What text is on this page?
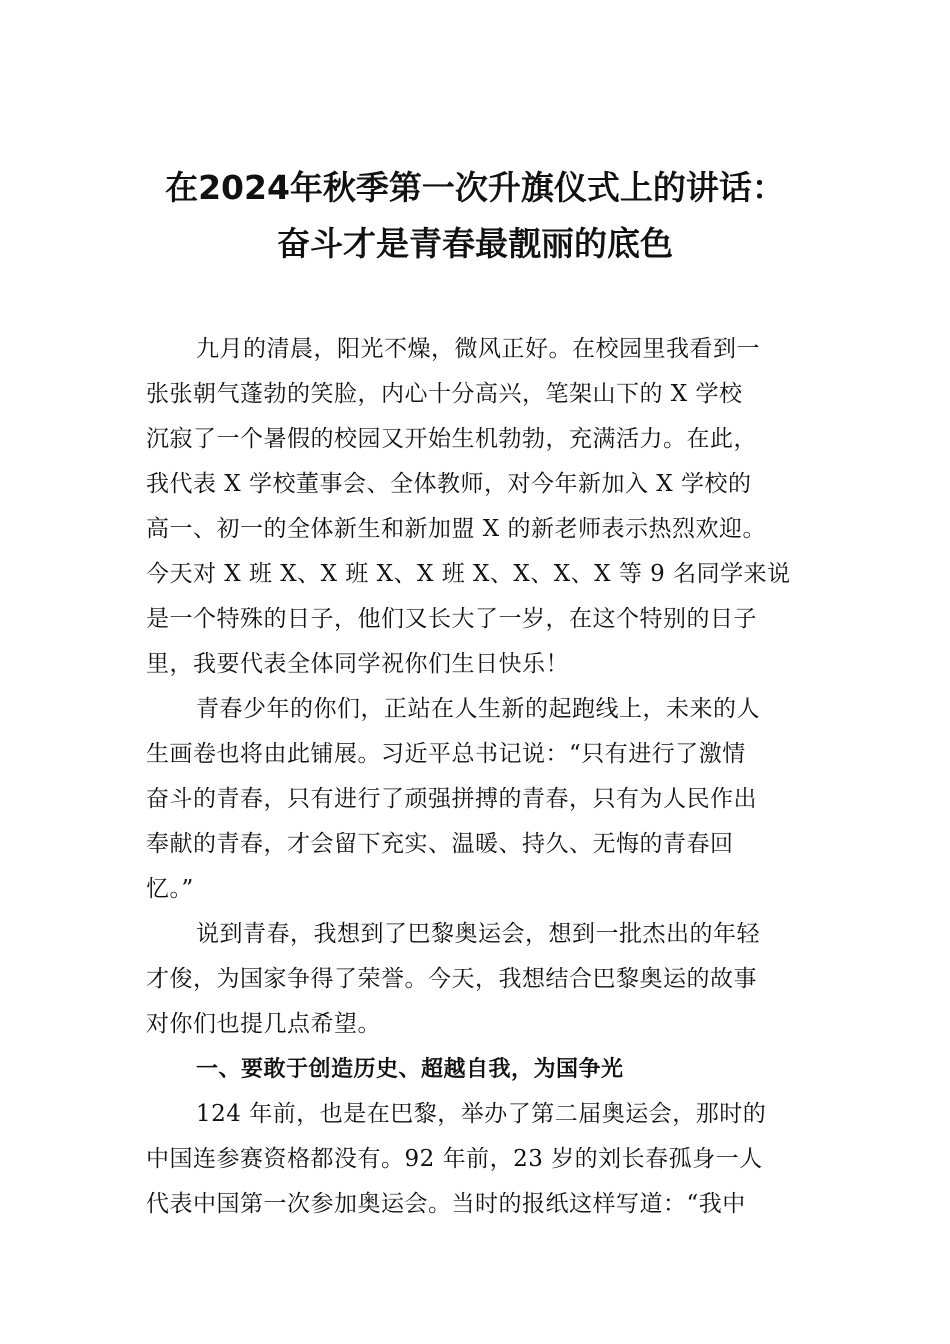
在2024年秋季第一次升旗仪式上的讲话：
奋斗才是青春最靓丽的底色
九月的清晨，阳光不燥，微风正好。在校园里我看到一
张张朝气蓬勃的笑脸，内心十分高兴，笔架山下的 X 学校
沉寂了一个暑假的校园又开始生机勃勃，充满活力。在此，
我代表 X 学校董事会、全体教师，对今年新加入 X 学校的
高一、初一的全体新生和新加盟 X 的新老师表示热烈欢迎。
今天对 X 班 X、X 班 X、X 班 X、X、X、X 等 9 名同学来说
是一个特殊的日子，他们又长大了一岁，在这个特别的日子
里，我要代表全体同学祝你们生日快乐！
青春少年的你们，正站在人生新的起跑线上，未来的人
生画卷也将由此铺展。习近平总书记说：“只有进行了激情
奋斗的青春，只有进行了顽强拼搏的青春，只有为人民作出
奉献的青春，才会留下充实、温暖、持久、无悔的青春回
忆。”
说到青春，我想到了巴黎奥运会，想到一批杰出的年轻
才俊，为国家争得了荣誉。今天，我想结合巴黎奥运的故事
对你们也提几点希望。
一、要敢于创造历史、超越自我，为国争光
124 年前，也是在巴黎，举办了第二届奥运会，那时的
中国连参赛资格都没有。92 年前，23 岁的刘长春孤身一人
代表中国第一次参加奥运会。当时的报纸这样写道：“我中
